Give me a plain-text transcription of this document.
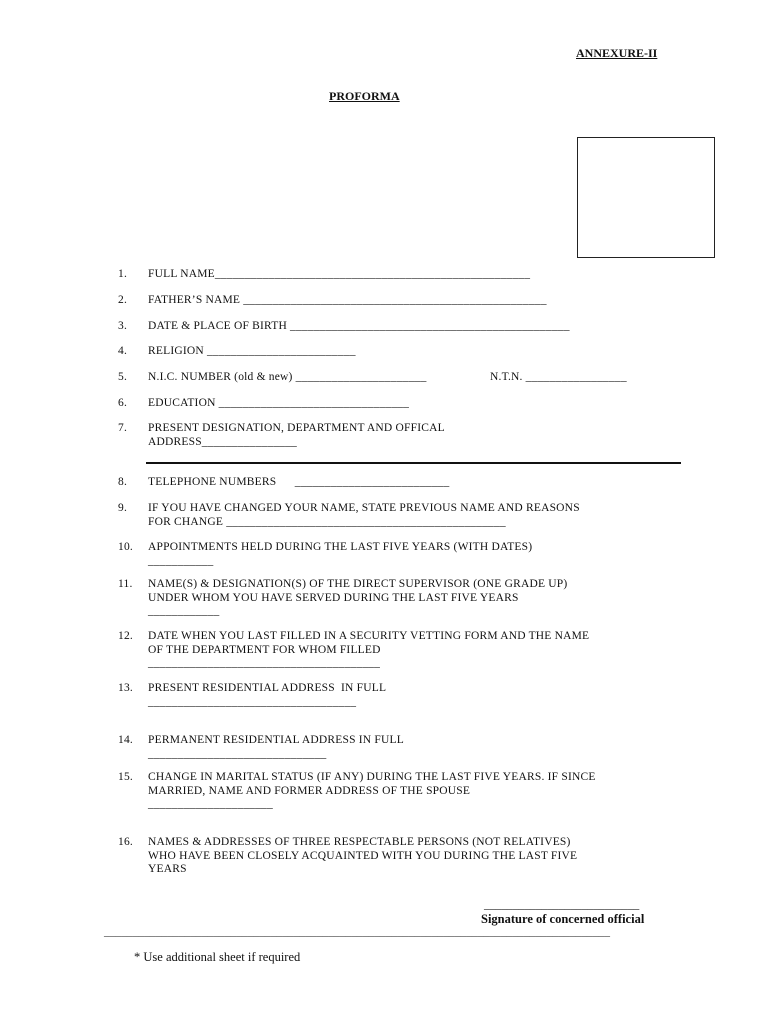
ANNEXURE-II
PROFORMA
1.	FULL NAME_____________________________________________________
2.	FATHER’S NAME ___________________________________________________
3.	DATE & PLACE OF BIRTH _______________________________________________
4.	RELIGION _________________________
5.	N.I.C. NUMBER (old & new) ______________________	N.T.N. _________________
6.	EDUCATION ________________________________
7.	PRESENT DESIGNATION, DEPARTMENT AND OFFICAL
ADDRESS________________
8.	TELEPHONE NUMBERS      __________________________
9.	IF YOU HAVE CHANGED YOUR NAME, STATE PREVIOUS NAME AND REASONS
FOR CHANGE _______________________________________________
10.	APPOINTMENTS HELD DURING THE LAST FIVE YEARS (WITH DATES)
___________
11.	NAME(S) & DESIGNATION(S) OF THE DIRECT SUPERVISOR (ONE GRADE UP)
UNDER WHOM YOU HAVE SERVED DURING THE LAST FIVE YEARS
____________
12.	DATE WHEN YOU LAST FILLED IN A SECURITY VETTING FORM AND THE NAME
OF THE DEPARTMENT FOR WHOM FILLED
_______________________________________
13.	PRESENT RESIDENTIAL ADDRESS  IN FULL
___________________________________
14.	PERMANENT RESIDENTIAL ADDRESS IN FULL
______________________________
15.	CHANGE IN MARITAL STATUS (IF ANY) DURING THE LAST FIVE YEARS. IF SINCE
MARRIED, NAME AND FORMER ADDRESS OF THE SPOUSE
_____________________
16.	NAMES & ADDRESSES OF THREE RESPECTABLE PERSONS (NOT RELATIVES)
WHO HAVE BEEN CLOSELY ACQUAINTED WITH YOU DURING THE LAST FIVE
YEARS
___________________________
Signature of concerned official
________________________________________________________________________________________
* Use additional sheet if required
